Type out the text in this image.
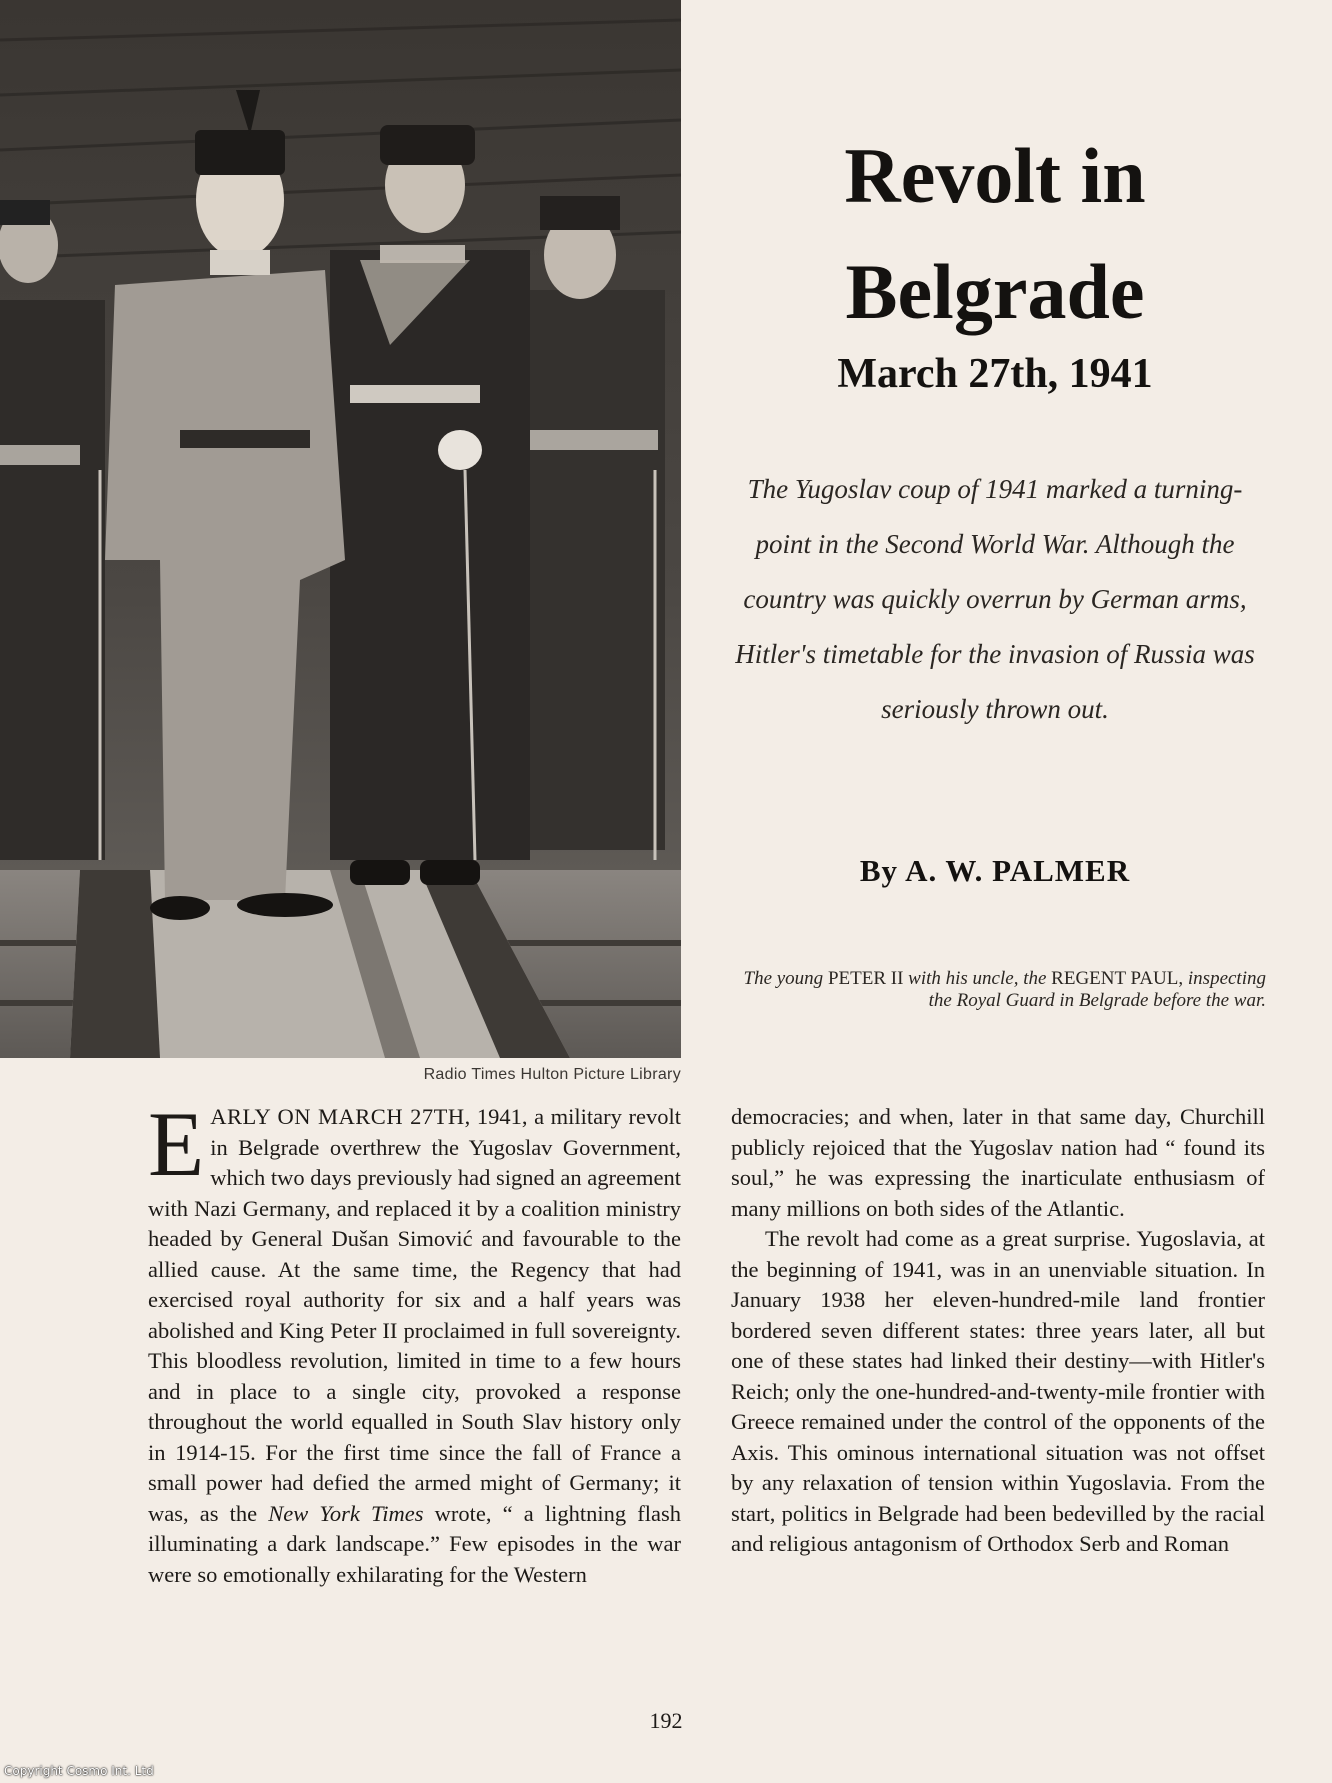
Radio Times Hulton Picture Library
Revolt in Belgrade
March 27th, 1941

The Yugoslav coup of 1941 marked a turning-point in the Second World War. Although the country was quickly overrun by German arms, Hitler's timetable for the invasion of Russia was seriously thrown out.

By A. W. PALMER

The young PETER II with his uncle, the REGENT PAUL, inspecting the Royal Guard in Belgrade before the war.

EARLY ON MARCH 27TH, 1941, a military revolt in Belgrade overthrew the Yugoslav Government, which two days previously had signed an agreement with Nazi Germany, and replaced it by a coalition ministry headed by General Dušan Simović and favourable to the allied cause. At the same time, the Regency that had exercised royal authority for six and a half years was abolished and King Peter II proclaimed in full sovereignty. This bloodless revolution, limited in time to a few hours and in place to a single city, provoked a response throughout the world equalled in South Slav history only in 1914-15. For the first time since the fall of France a small power had defied the armed might of Germany; it was, as the New York Times wrote, “ a lightning flash illuminating a dark landscape.” Few episodes in the war were so emotionally exhilarating for the Western

democracies; and when, later in that same day, Churchill publicly rejoiced that the Yugoslav nation had “ found its soul,” he was expressing the inarticulate enthusiasm of many millions on both sides of the Atlantic.

The revolt had come as a great surprise. Yugoslavia, at the beginning of 1941, was in an unenviable situation. In January 1938 her eleven-hundred-mile land frontier bordered seven different states: three years later, all but one of these states had linked their destiny—with Hitler's Reich; only the one-hundred-and-twenty-mile frontier with Greece remained under the control of the opponents of the Axis. This ominous international situation was not offset by any relaxation of tension within Yugoslavia. From the start, politics in Belgrade had been bedevilled by the racial and religious antagonism of Orthodox Serb and Roman

192
Copyright Cosmo Int. Ltd
